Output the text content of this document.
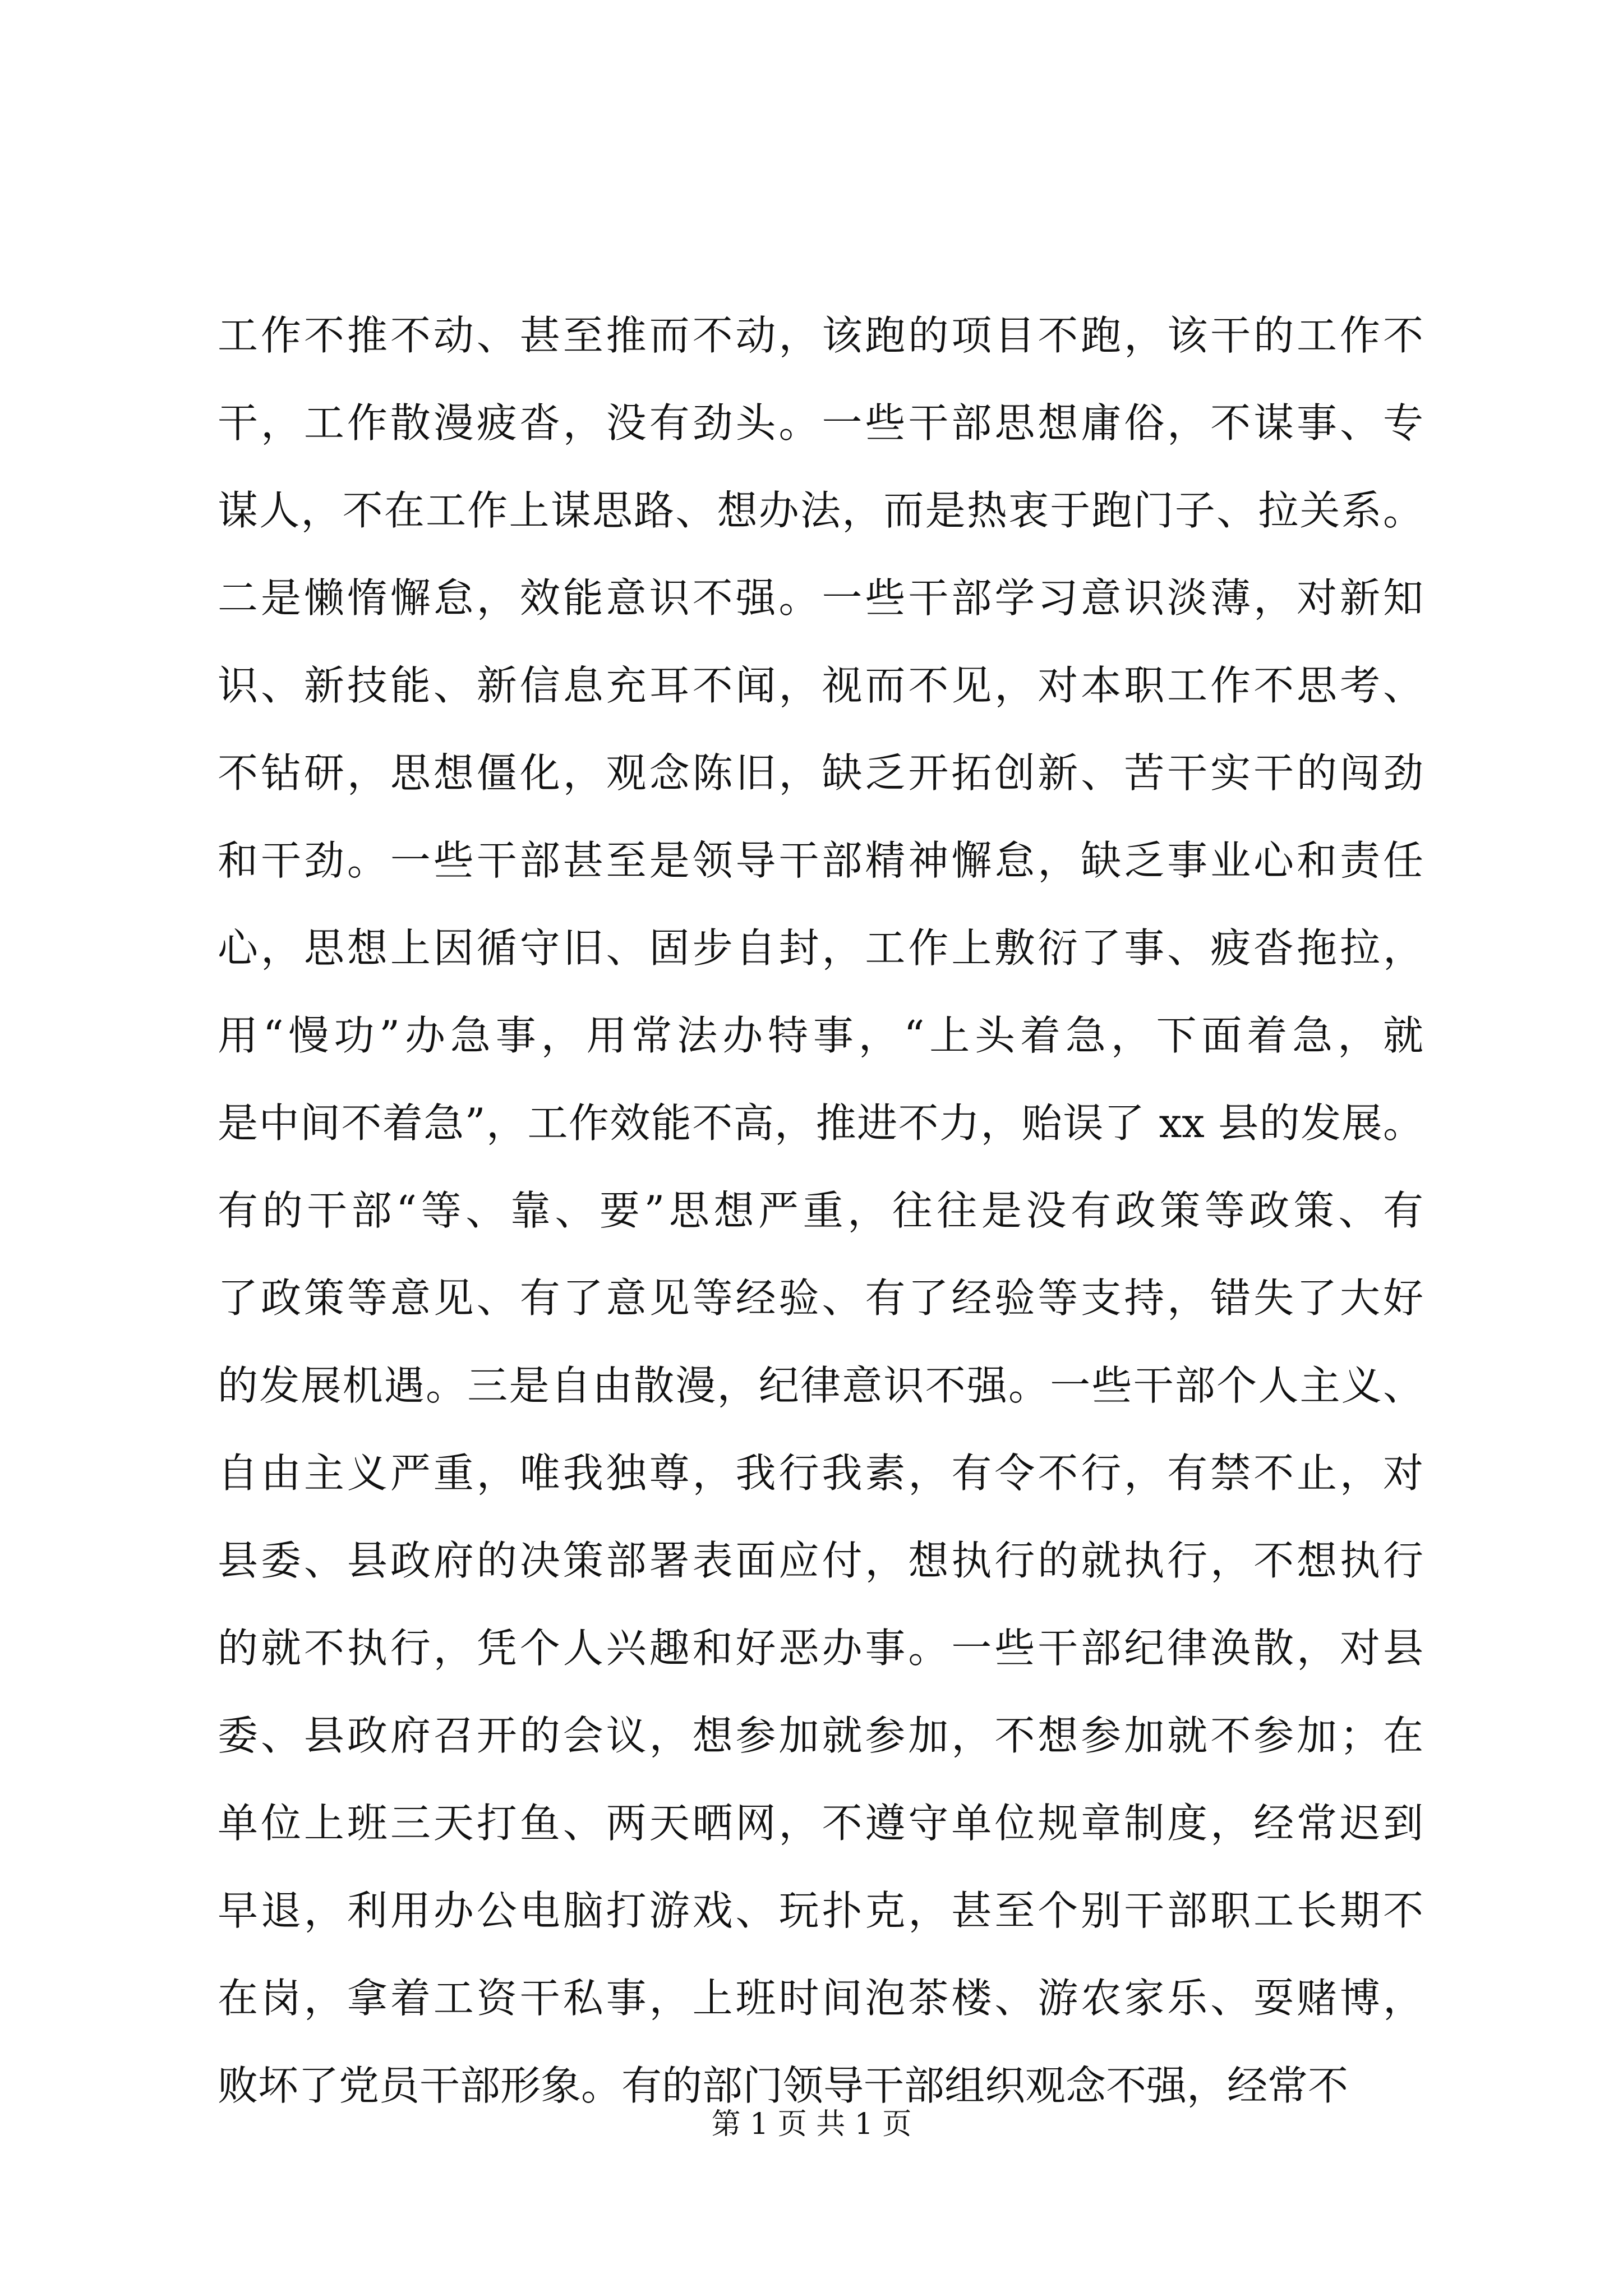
工作不推不动、甚至推而不动，该跑的项目不跑，该干的工作不
干，工作散漫疲沓，没有劲头。一些干部思想庸俗，不谋事、专
谋人，不在工作上谋思路、想办法，而是热衷于跑门子、拉关系。
二是懒惰懈怠，效能意识不强。一些干部学习意识淡薄，对新知
识、新技能、新信息充耳不闻，视而不见，对本职工作不思考、
不钻研，思想僵化，观念陈旧，缺乏开拓创新、苦干实干的闯劲
和干劲。一些干部甚至是领导干部精神懈怠，缺乏事业心和责任
心，思想上因循守旧、固步自封，工作上敷衍了事、疲沓拖拉，
用“慢功”办急事，用常法办特事，“上头着急，下面着急，就
是中间不着急”，工作效能不高，推进不力，贻误了 xx 县的发展。
有的干部“等、靠、要”思想严重，往往是没有政策等政策、有
了政策等意见、有了意见等经验、有了经验等支持，错失了大好
的发展机遇。三是自由散漫，纪律意识不强。一些干部个人主义、
自由主义严重，唯我独尊，我行我素，有令不行，有禁不止，对
县委、县政府的决策部署表面应付，想执行的就执行，不想执行
的就不执行，凭个人兴趣和好恶办事。一些干部纪律涣散，对县
委、县政府召开的会议，想参加就参加，不想参加就不参加；在
单位上班三天打鱼、两天晒网，不遵守单位规章制度，经常迟到
早退，利用办公电脑打游戏、玩扑克，甚至个别干部职工长期不
在岗，拿着工资干私事，上班时间泡茶楼、游农家乐、耍赌博，
败坏了党员干部形象。有的部门领导干部组织观念不强，经常不
第 1 页 共 1 页
